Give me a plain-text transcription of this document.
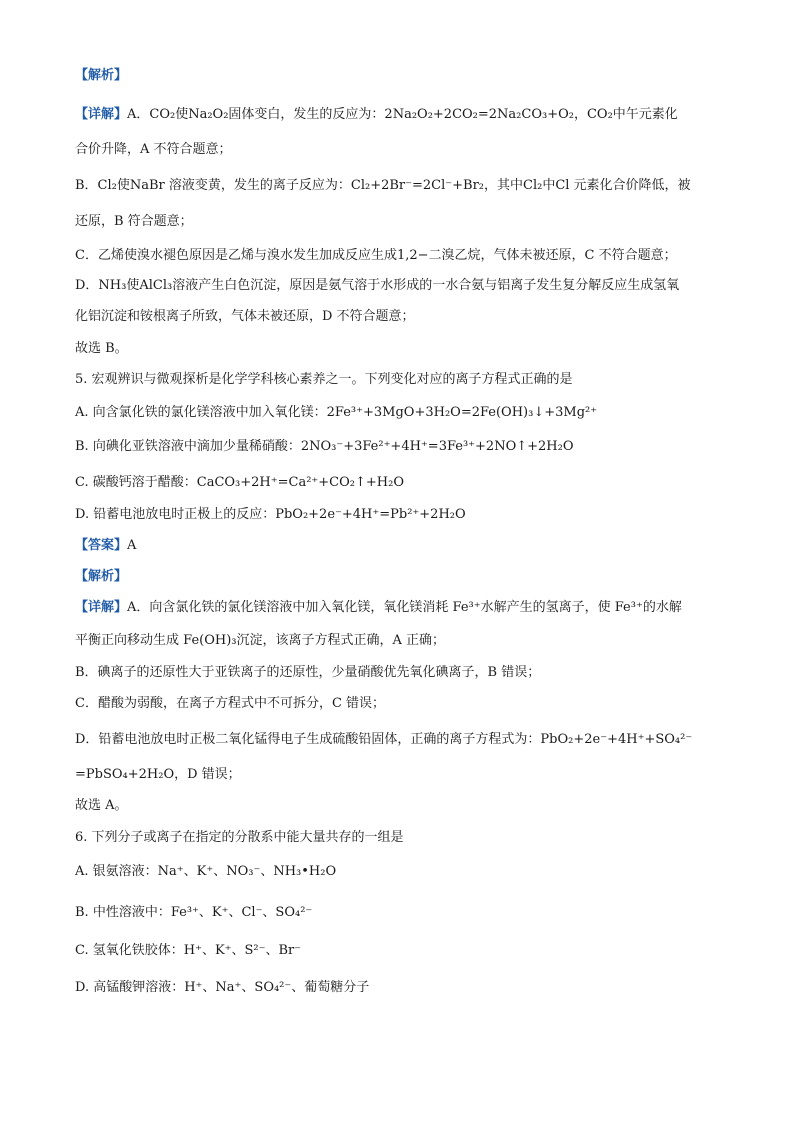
【解析】
【详解】A．CO₂使Na₂O₂固体变白，发生的反应为：2Na₂O₂+2CO₂=2Na₂CO₃+O₂，CO₂中午元素化
合价升降，A 不符合题意；
B．Cl₂使NaBr 溶液变黄，发生的离子反应为：Cl₂+2Br⁻=2Cl⁻+Br₂，其中Cl₂中Cl 元素化合价降低，被
还原，B 符合题意；
C．乙烯使溴水褪色原因是乙烯与溴水发生加成反应生成1,2−二溴乙烷，气体未被还原，C 不符合题意；
D．NH₃使AlCl₃溶液产生白色沉淀，原因是氨气溶于水形成的一水合氨与铝离子发生复分解反应生成氢氧
化铝沉淀和铵根离子所致，气体未被还原，D 不符合题意；
故选 B。
5. 宏观辨识与微观探析是化学学科核心素养之一。下列变化对应的离子方程式正确的是
A. 向含氯化铁的氯化镁溶液中加入氧化镁：2Fe³⁺+3MgO+3H₂O=2Fe(OH)₃↓+3Mg²⁺
B. 向碘化亚铁溶液中滴加少量稀硝酸：2NO₃⁻+3Fe²⁺+4H⁺=3Fe³⁺+2NO↑+2H₂O
C. 碳酸钙溶于醋酸：CaCO₃+2H⁺=Ca²⁺+CO₂↑+H₂O
D. 铅蓄电池放电时正极上的反应：PbO₂+2e⁻+4H⁺=Pb²⁺+2H₂O
【答案】A
【解析】
【详解】A．向含氯化铁的氯化镁溶液中加入氧化镁，氧化镁消耗 Fe³⁺水解产生的氢离子，使 Fe³⁺的水解
平衡正向移动生成 Fe(OH)₃沉淀，该离子方程式正确，A 正确；
B．碘离子的还原性大于亚铁离子的还原性，少量硝酸优先氧化碘离子，B 错误；
C．醋酸为弱酸，在离子方程式中不可拆分，C 错误；
D．铅蓄电池放电时正极二氧化锰得电子生成硫酸铅固体，正确的离子方程式为：PbO₂+2e⁻+4H⁺+SO₄²⁻
=PbSO₄+2H₂O，D 错误；
故选 A。
6. 下列分子或离子在指定的分散系中能大量共存的一组是
A. 银氨溶液：Na⁺、K⁺、NO₃⁻、NH₃•H₂O
B. 中性溶液中：Fe³⁺、K⁺、Cl⁻、SO₄²⁻
C. 氢氧化铁胶体：H⁺、K⁺、S²⁻、Br⁻
D. 高锰酸钾溶液：H⁺、Na⁺、SO₄²⁻、葡萄糖分子
